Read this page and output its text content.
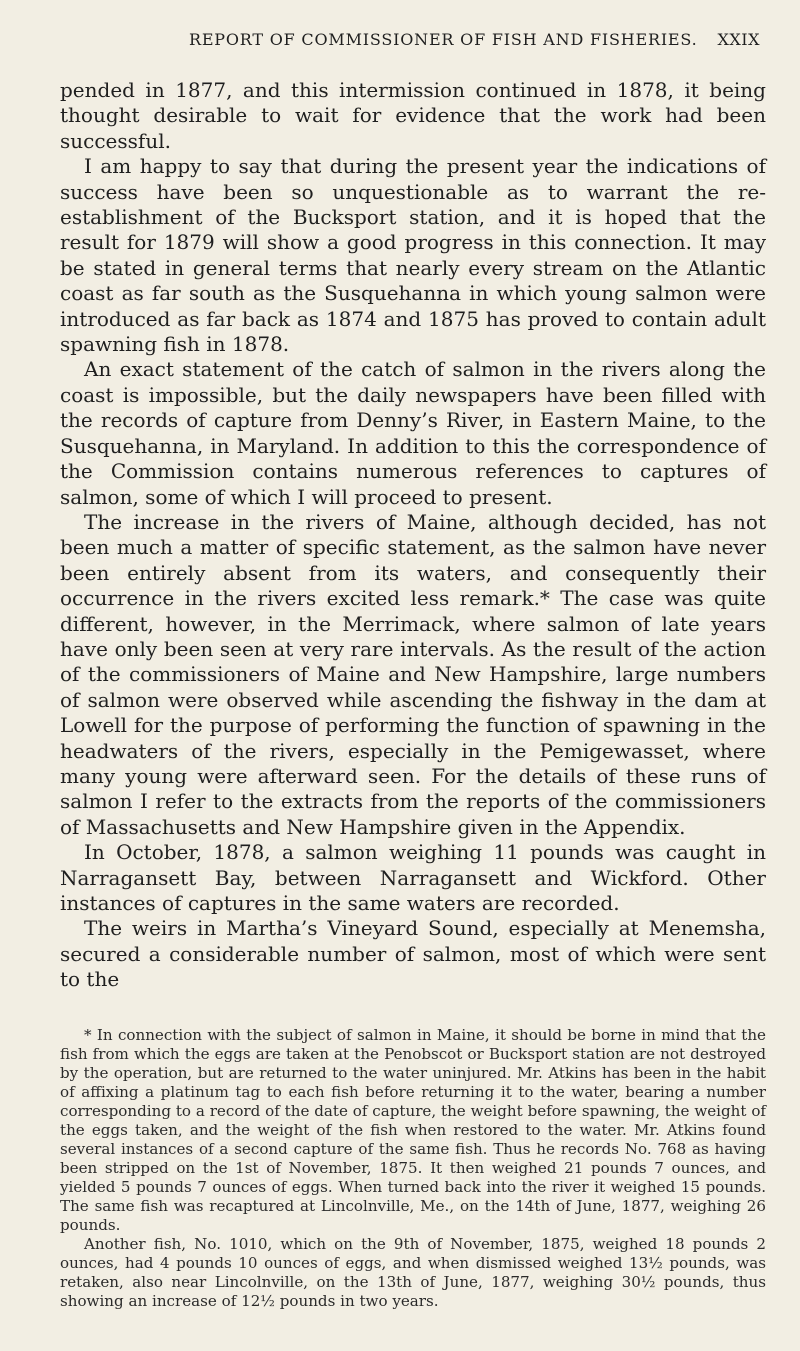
REPORT OF COMMISSIONER OF FISH AND FISHERIES. XXIX

pended in 1877, and this intermission continued in 1878, it being thought desirable to wait for evidence that the work had been successful.

I am happy to say that during the present year the indications of success have been so unquestionable as to warrant the re-establishment of the Bucksport station, and it is hoped that the result for 1879 will show a good progress in this connection. It may be stated in general terms that nearly every stream on the Atlantic coast as far south as the Susquehanna in which young salmon were introduced as far back as 1874 and 1875 has proved to contain adult spawning fish in 1878.

An exact statement of the catch of salmon in the rivers along the coast is impossible, but the daily newspapers have been filled with the records of capture from Denny’s River, in Eastern Maine, to the Susquehanna, in Maryland. In addition to this the correspondence of the Commission contains numerous references to captures of salmon, some of which I will proceed to present.

The increase in the rivers of Maine, although decided, has not been much a matter of specific statement, as the salmon have never been entirely absent from its waters, and consequently their occurrence in the rivers excited less remark.* The case was quite different, however, in the Merrimack, where salmon of late years have only been seen at very rare intervals. As the result of the action of the commissioners of Maine and New Hampshire, large numbers of salmon were observed while ascending the fishway in the dam at Lowell for the purpose of performing the function of spawning in the headwaters of the rivers, especially in the Pemigewasset, where many young were afterward seen. For the details of these runs of salmon I refer to the extracts from the reports of the commissioners of Massachusetts and New Hampshire given in the Appendix.

In October, 1878, a salmon weighing 11 pounds was caught in Narragansett Bay, between Narragansett and Wickford. Other instances of captures in the same waters are recorded.

The weirs in Martha’s Vineyard Sound, especially at Menemsha, secured a considerable number of salmon, most of which were sent to the

* In connection with the subject of salmon in Maine, it should be borne in mind that the fish from which the eggs are taken at the Penobscot or Bucksport station are not destroyed by the operation, but are returned to the water uninjured. Mr. Atkins has been in the habit of affixing a platinum tag to each fish before returning it to the water, bearing a number corresponding to a record of the date of capture, the weight before spawning, the weight of the eggs taken, and the weight of the fish when restored to the water. Mr. Atkins found several instances of a second capture of the same fish. Thus he records No. 768 as having been stripped on the 1st of November, 1875. It then weighed 21 pounds 7 ounces, and yielded 5 pounds 7 ounces of eggs. When turned back into the river it weighed 15 pounds. The same fish was recaptured at Lincolnville, Me., on the 14th of June, 1877, weighing 26 pounds.

Another fish, No. 1010, which on the 9th of November, 1875, weighed 18 pounds 2 ounces, had 4 pounds 10 ounces of eggs, and when dismissed weighed 13½ pounds, was retaken, also near Lincolnville, on the 13th of June, 1877, weighing 30½ pounds, thus showing an increase of 12½ pounds in two years.
